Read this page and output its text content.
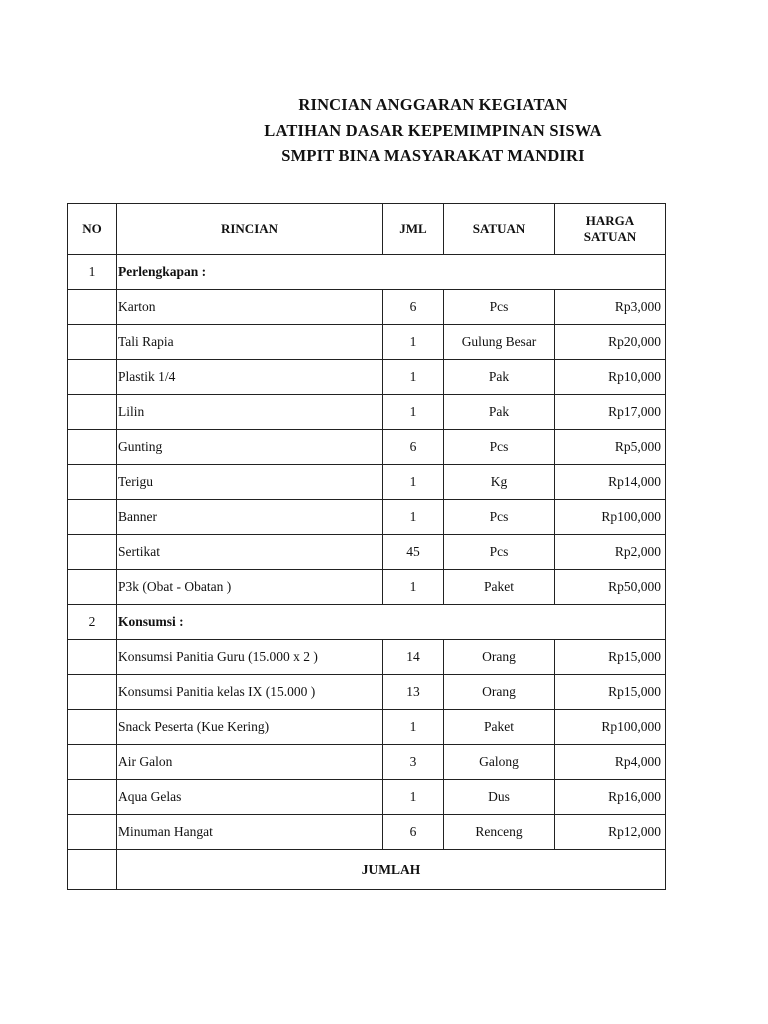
RINCIAN ANGGARAN KEGIATAN
LATIHAN DASAR KEPEMIMPINAN SISWA
SMPIT BINA MASYARAKAT MANDIRI
NO	RINCIAN	JML	SATUAN	HARGA
SATUAN
1	Perlengkapan :			
	Karton	6	Pcs	Rp3,000
	Tali Rapia	1	Gulung Besar	Rp20,000
	Plastik 1/4	1	Pak	Rp10,000
	Lilin	1	Pak	Rp17,000
	Gunting	6	Pcs	Rp5,000
	Terigu	1	Kg	Rp14,000
	Banner	1	Pcs	Rp100,000
	Sertikat	45	Pcs	Rp2,000
	P3k (Obat - Obatan )	1	Paket	Rp50,000
2	Konsumsi :			
	Konsumsi Panitia Guru (15.000 x 2 )	14	Orang	Rp15,000
	Konsumsi Panitia kelas IX (15.000 )	13	Orang	Rp15,000
	Snack Peserta (Kue Kering)	1	Paket	Rp100,000
	Air Galon	3	Galong	Rp4,000
	Aqua Gelas	1	Dus	Rp16,000
	Minuman Hangat	6	Renceng	Rp12,000
	JUMLAH			
